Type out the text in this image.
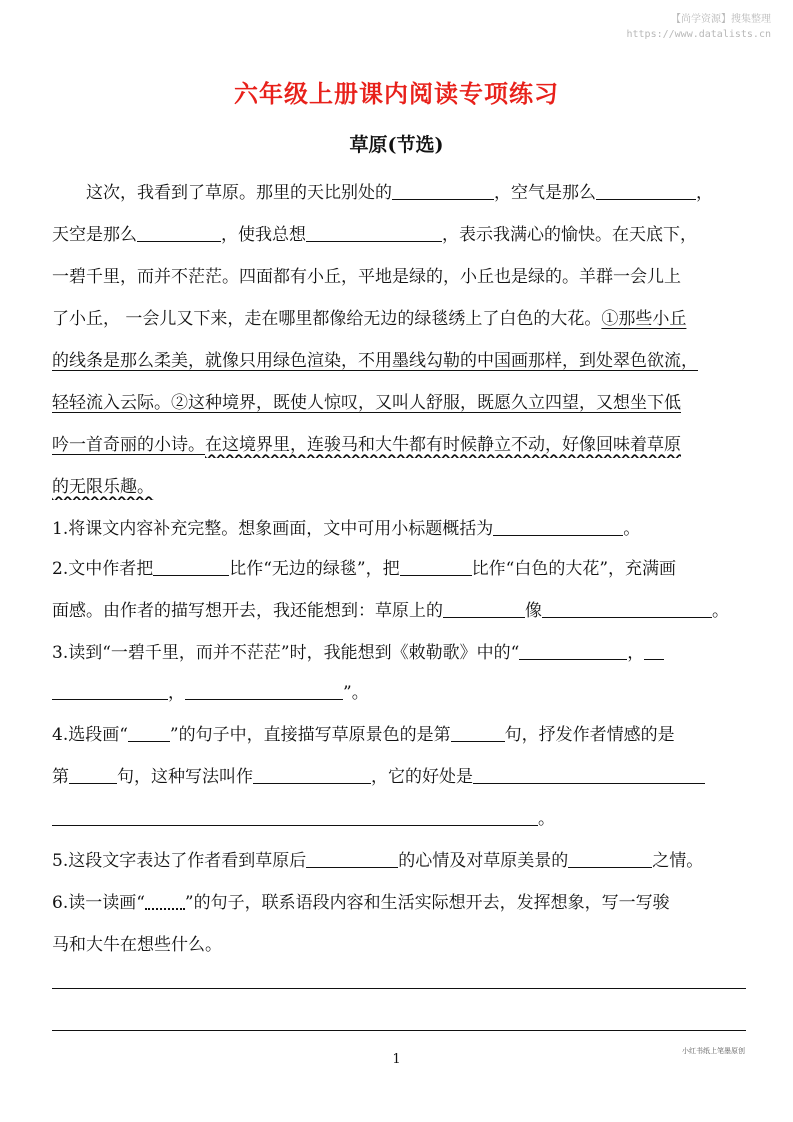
【尚学资源】搜集整理
https://www.datalists.cn
六年级上册课内阅读专项练习
草原(节选)
这次，我看到了草原。那里的天比别处的	，空气是那么	，
天空是那么	，使我总想	，表示我满心的愉快。在天底下，
一碧千里，而并不茫茫。四面都有小丘，平地是绿的，小丘也是绿的。羊群一会儿上
了小丘， 一会儿又下来，走在哪里都像给无边的绿毯绣上了白色的大花。①那些小丘
的线条是那么柔美，就像只用绿色渲染，不用墨线勾勒的中国画那样，到处翠色欲流，
轻轻流入云际。②这种境界，既使人惊叹，又叫人舒服，既愿久立四望，又想坐下低
吟一首奇丽的小诗。在这境界里，连骏马和大牛都有时候静立不动，好像回味着草原
的无限乐趣。
1.将课文内容补充完整。想象画面，文中可用小标题概括为	。
2.文中作者把	比作“无边的绿毯”，把	比作“白色的大花”，充满画
面感。由作者的描写想开去，我还能想到：草原上的	像	。
3.读到“一碧千里，而并不茫茫”时，我能想到《敕勒歌》中的“	，
，	”。
4.选段画“ ”的句子中，直接描写草原景色的是第	句，抒发作者情感的是
第	句，这种写法叫作	，它的好处是
。
5.这段文字表达了作者看到草原后	的心情及对草原美景的	之情。
6.读一读画“ ”的句子，联系语段内容和生活实际想开去，发挥想象，写一写骏
马和大牛在想些什么。
1
小红书纸上笔墨原创
